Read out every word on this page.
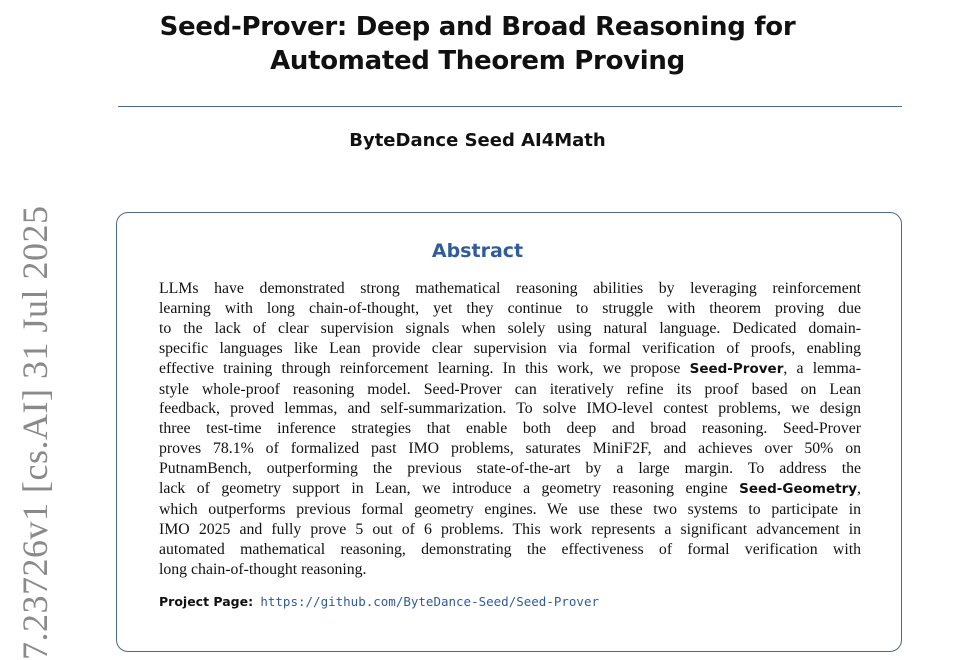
Seed-Prover: Deep and Broad Reasoning for
Automated Theorem Proving
ByteDance Seed AI4Math
7.23726v1 [cs.AI] 31 Jul 2025	Abstract
LLMs have demonstrated strong mathematical reasoning abilities by leveraging reinforcement
learning with long chain-of-thought, yet they continue to struggle with theorem proving due
to the lack of clear supervision signals when solely using natural language. Dedicated domain-
specific languages like Lean provide clear supervision via formal verification of proofs, enabling
effective training through reinforcement learning. In this work, we propose Seed-Prover, a lemma-
style whole-proof reasoning model. Seed-Prover can iteratively refine its proof based on Lean
feedback, proved lemmas, and self-summarization. To solve IMO-level contest problems, we design
three test-time inference strategies that enable both deep and broad reasoning. Seed-Prover
proves 78.1% of formalized past IMO problems, saturates MiniF2F, and achieves over 50% on
PutnamBench, outperforming the previous state-of-the-art by a large margin. To address the
lack of geometry support in Lean, we introduce a geometry reasoning engine Seed-Geometry,
which outperforms previous formal geometry engines. We use these two systems to participate in
IMO 2025 and fully prove 5 out of 6 problems. This work represents a significant advancement in
automated mathematical reasoning, demonstrating the effectiveness of formal verification with
long chain-of-thought reasoning.
Project Page: https://github.com/ByteDance-Seed/Seed-Prover
